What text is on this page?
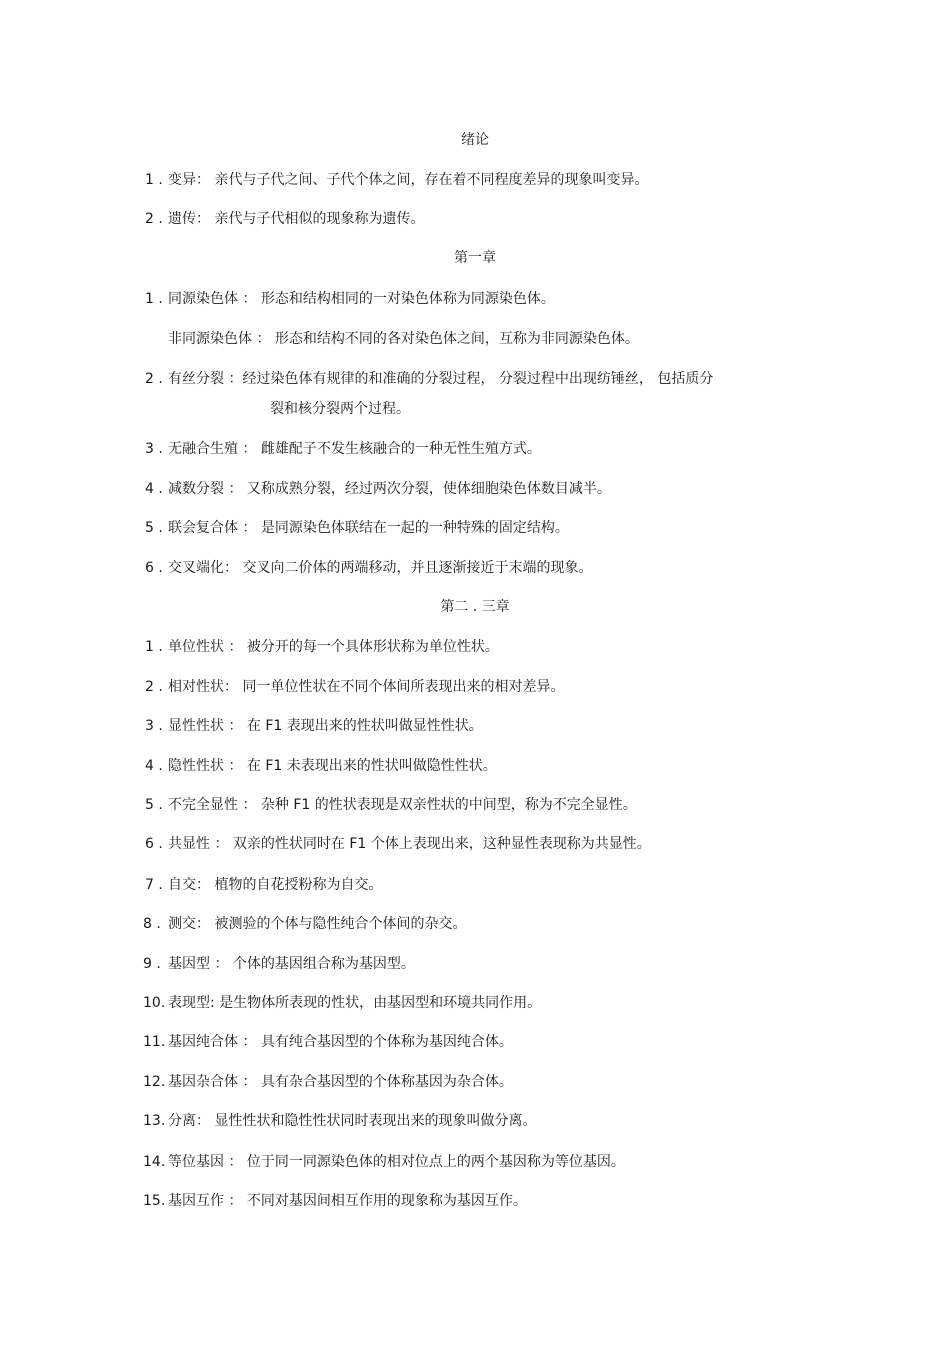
绪论
1 . 变异： 亲代与子代之间、子代个体之间，存在着不同程度差异的现象叫变异。
2 . 遗传： 亲代与子代相似的现象称为遗传。
第一章
1 . 同源染色体 ： 形态和结构相同的一对染色体称为同源染色体。
非同源染色体 ： 形态和结构不同的各对染色体之间，互称为非同源染色体。
2 . 有丝分裂 ：经过染色体有规律的和准确的分裂过程， 分裂过程中出现纺锤丝， 包括质分
裂和核分裂两个过程。
3 . 无融合生殖 ： 雌雄配子不发生核融合的一种无性生殖方式。
4 . 减数分裂 ： 又称成熟分裂，经过两次分裂，使体细胞染色体数目减半。
5 . 联会复合体 ： 是同源染色体联结在一起的一种特殊的固定结构。
6 . 交叉端化： 交叉向二价体的两端移动，并且逐渐接近于末端的现象。
第二 . 三章
1 . 单位性状 ： 被分开的每一个具体形状称为单位性状。
2 . 相对性状： 同一单位性状在不同个体间所表现出来的相对差异。
3 . 显性性状 ： 在 F1 表现出来的性状叫做显性性状。
4 . 隐性性状 ： 在 F1 未表现出来的性状叫做隐性性状。
5 . 不完全显性 ： 杂种 F1 的性状表现是双亲性状的中间型，称为不完全显性。
6 . 共显性 ： 双亲的性状同时在 F1 个体上表现出来，这种显性表现称为共显性。
7 . 自交： 植物的自花授粉称为自交。
8 . 测交： 被测验的个体与隐性纯合个体间的杂交。
9 . 基因型 ： 个体的基因组合称为基因型。
10. 表现型: 是生物体所表现的性状，由基因型和环境共同作用。
11. 基因纯合体 ： 具有纯合基因型的个体称为基因纯合体。
12. 基因杂合体 ： 具有杂合基因型的个体称基因为杂合体。
13. 分离： 显性性状和隐性性状同时表现出来的现象叫做分离。
14. 等位基因 ： 位于同一同源染色体的相对位点上的两个基因称为等位基因。
15. 基因互作 ： 不同对基因间相互作用的现象称为基因互作。
